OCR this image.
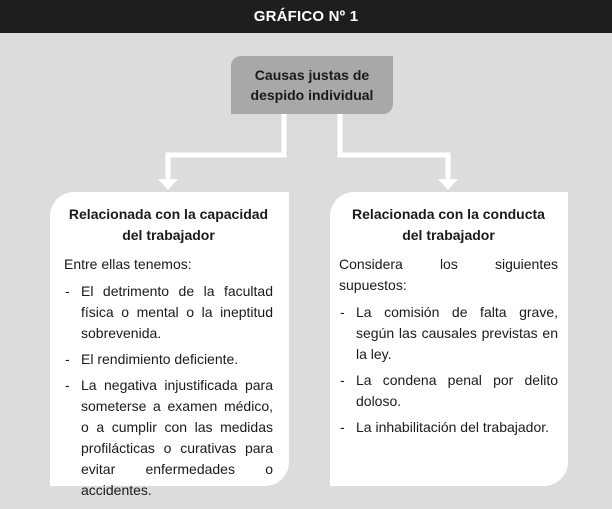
GRÁFICO Nº 1
Causas justas de
despido individual
Relacionada con la capacidad
del trabajador
Entre ellas tenemos:
- El detrimento de la facultad física o mental o la ineptitud sobrevenida.
- El rendimiento deficiente.
- La negativa injustificada para someterse a examen médico, o a cumplir con las medidas profilácticas o curativas para evitar enfermedades o accidentes.
Relacionada con la conducta
del trabajador
Considera los siguientes supuestos:
- La comisión de falta grave, según las causales previstas en la ley.
- La condena penal por delito doloso.
- La inhabilitación del trabajador.
